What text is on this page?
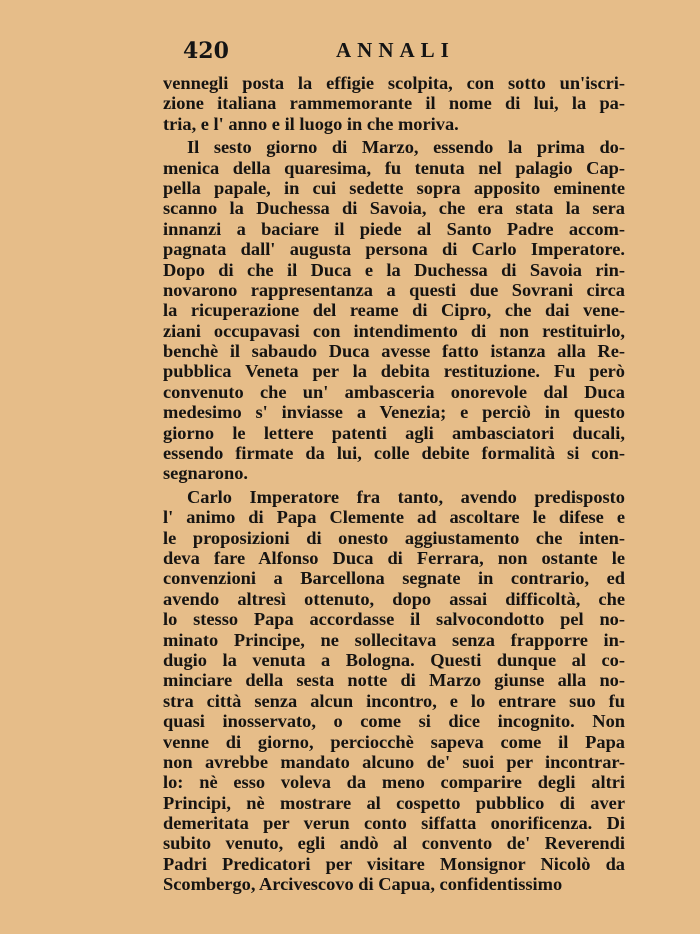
420	ANNALI
vennegli posta la effigie scolpita, con sotto un'iscri-
zione italiana rammemorante il nome di lui, la pa-
tria, e l' anno e il luogo in che moriva.
Il sesto giorno di Marzo, essendo la prima do-
menica della quaresima, fu tenuta nel palagio Cap-
pella papale, in cui sedette sopra apposito eminente
scanno la Duchessa di Savoia, che era stata la sera
innanzi a baciare il piede al Santo Padre accom-
pagnata dall' augusta persona di Carlo Imperatore.
Dopo di che il Duca e la Duchessa di Savoia rin-
novarono rappresentanza a questi due Sovrani circa
la ricuperazione del reame di Cipro, che dai vene-
ziani occupavasi con intendimento di non restituirlo,
benchè il sabaudo Duca avesse fatto istanza alla Re-
pubblica Veneta per la debita restituzione. Fu però
convenuto che un' ambasceria onorevole dal Duca
medesimo s' inviasse a Venezia; e perciò in questo
giorno le lettere patenti agli ambasciatori ducali,
essendo firmate da lui, colle debite formalità si con-
segnarono.
Carlo Imperatore fra tanto, avendo predisposto
l' animo di Papa Clemente ad ascoltare le difese e
le proposizioni di onesto aggiustamento che inten-
deva fare Alfonso Duca di Ferrara, non ostante le
convenzioni a Barcellona segnate in contrario, ed
avendo altresì ottenuto, dopo assai difficoltà, che
lo stesso Papa accordasse il salvocondotto pel no-
minato Principe, ne sollecitava senza frapporre in-
dugio la venuta a Bologna. Questi dunque al co-
minciare della sesta notte di Marzo giunse alla no-
stra città senza alcun incontro, e lo entrare suo fu
quasi inosservato, o come si dice incognito. Non
venne di giorno, perciocchè sapeva come il Papa
non avrebbe mandato alcuno de' suoi per incontrar-
lo: nè esso voleva da meno comparire degli altri
Principi, nè mostrare al cospetto pubblico di aver
demeritata per verun conto siffatta onorificenza. Di
subito venuto, egli andò al convento de' Reverendi
Padri Predicatori per visitare Monsignor Nicolò da
Scombergo, Arcivescovo di Capua, confidentissimo
